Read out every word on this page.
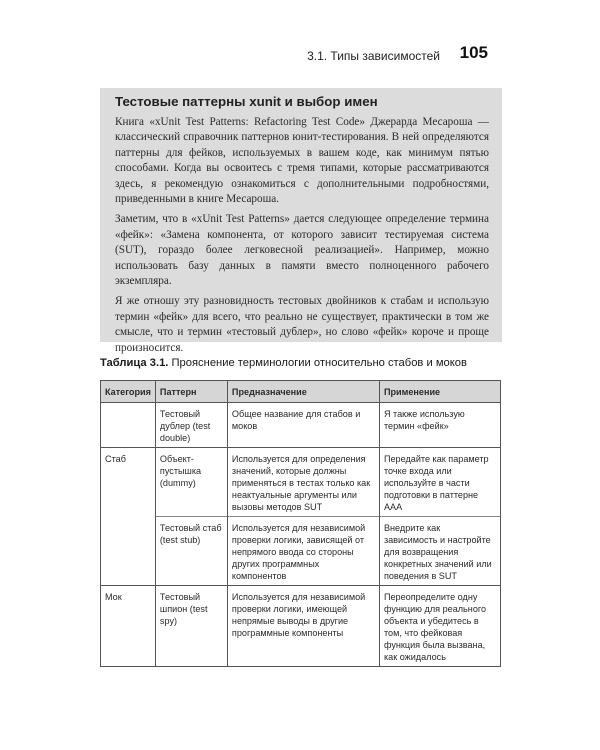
3.1. Типы зависимостей 105
Тестовые паттерны xunit и выбор имен

Книга «xUnit Test Patterns: Refactoring Test Code» Джерарда Месароша — классический справочник паттернов юнит-тестирования. В ней определяются паттерны для фейков, используемых в вашем коде, как минимум пятью способами. Когда вы освоитесь с тремя типами, которые рассматриваются здесь, я рекомендую ознакомиться с дополнительными подробностями, приведенными в книге Месароша.

Заметим, что в «xUnit Test Patterns» дается следующее определение термина «фейк»: «Замена компонента, от которого зависит тестируемая система (SUT), гораздо более легковесной реализацией». Например, можно использовать базу данных в памяти вместо полноценного рабочего экземпляра.

Я же отношу эту разновидность тестовых двойников к стабам и использую термин «фейк» для всего, что реально не существует, практически в том же смысле, что и термин «тестовый дублер», но слово «фейк» короче и проще произносится.

Таблица 3.1. Прояснение терминологии относительно стабов и моков
Категория	Паттерн	Предназначение	Применение
	Тестовый дублер (test double)	Общее название для стабов и моков	Я также использую термин «фейк»
Стаб	Объект-пустышка (dummy)	Используется для определения значений, которые должны применяться в тестах только как неактуальные аргументы или вызовы методов SUT	Передайте как параметр точке входа или используйте в части подготовки в паттерне ААА
	Тестовый стаб (test stub)	Используется для независимой проверки логики, зависящей от непрямого ввода со стороны других программных компонентов	Внедрите как зависимость и настройте для возвращения конкретных значений или поведения в SUT
Мок	Тестовый шпион (test spy)	Используется для независимой проверки логики, имеющей непрямые выводы в другие программные компоненты	Переопределите одну функцию для реального объекта и убедитесь в том, что фейковая функция была вызвана, как ожидалось
